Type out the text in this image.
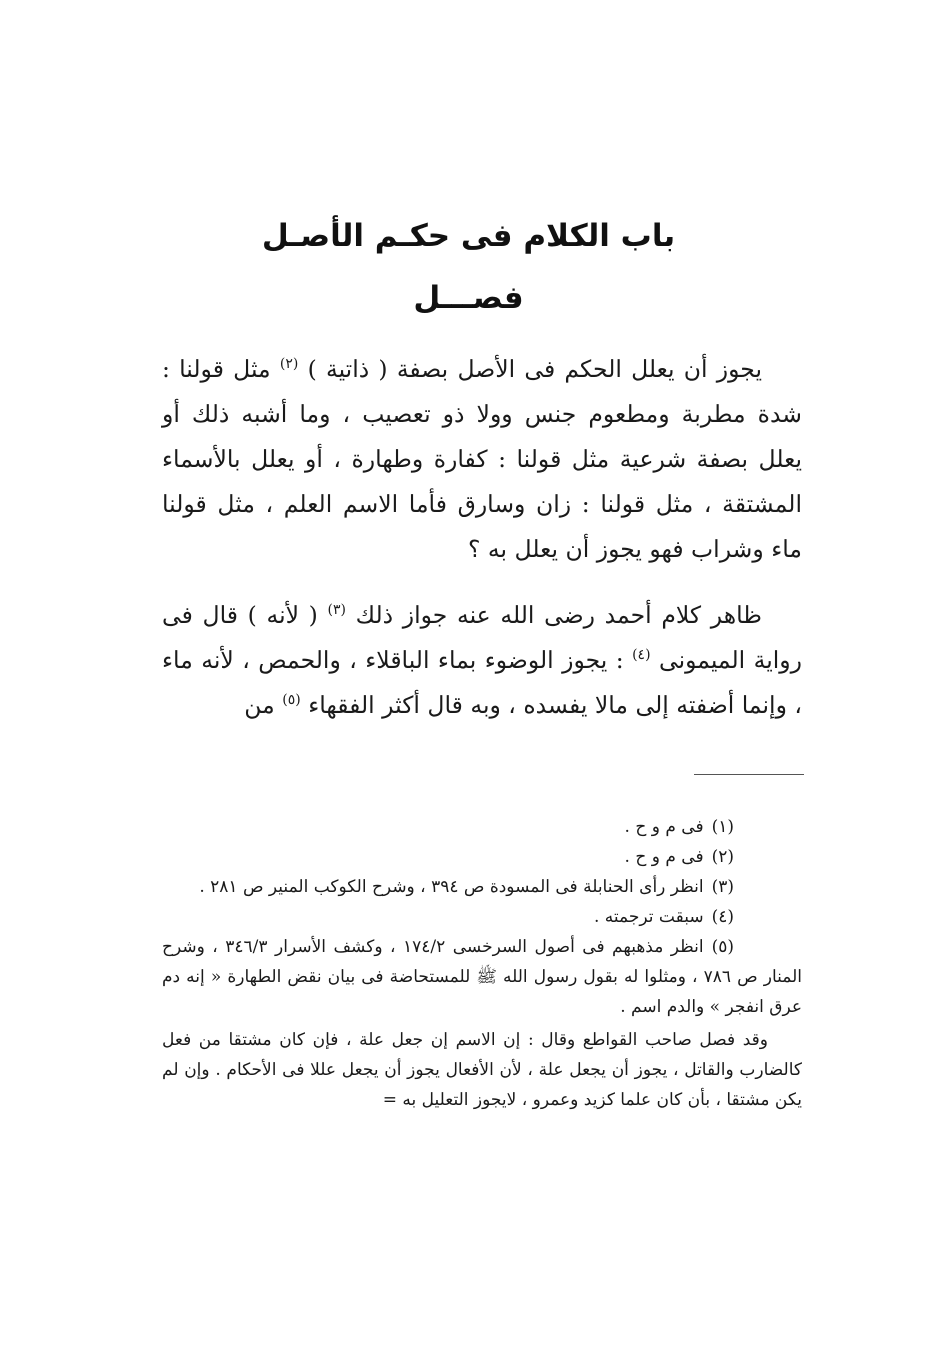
باب الكلام فى حكـم الأصـل
فصـــل

يجوز أن يعلل الحكم فى الأصل بصفة ( ذاتية ) $^{(٢)}$ مثل قولنا : شدة مطربة ومطعوم جنس وولا ذو تعصيب ، وما أشبه ذلك أو يعلل بصفة شرعية مثل قولنا : كفارة وطهارة ، أو يعلل بالأسماء المشتقة ، مثل قولنا : زان وسارق فأما الاسم العلم ، مثل قولنا ماء وشراب فهو يجوز أن يعلل به ؟

ظاهر كلام أحمد رضى الله عنه جواز ذلك $^{(٣)}$ ( لأنه ) قال فى رواية الميمونى $^{(٤)}$ : يجوز الوضوء بماء الباقلاء ، والحمص ، لأنه ماء ، وإنما أضفته إلى مالا يفسده ، وبه قال أكثر الفقهاء $^{(٥)}$ من

(١)فى م و ح .

(٢)فى م و ح .

(٣)انظر رأى الحنابلة فى المسودة ص ٣٩٤ ، وشرح الكوكب المنير ص ٢٨١ .

(٤)سبقت ترجمته .

(٥)انظر مذهبهم فى أصول السرخسى ١٧٤/٢ ، وكشف الأسرار ٣٤٦/٣ ، وشرح المنار ص ٧٨٦ ، ومثلوا له بقول رسول الله ﷺ للمستحاضة فى بيان نقض الطهارة « إنه دم عرق انفجر » والدم اسم .

وقد فصل صاحب القواطع وقال : إن الاسم إن جعل علة ، فإن كان مشتقا من فعل كالضارب والقاتل ، يجوز أن يجعل علة ، لأن الأفعال يجوز أن يجعل عللا فى الأحكام . وإن لم يكن مشتقا ، بأن كان علما كزيد وعمرو ، لايجوز التعليل به =
